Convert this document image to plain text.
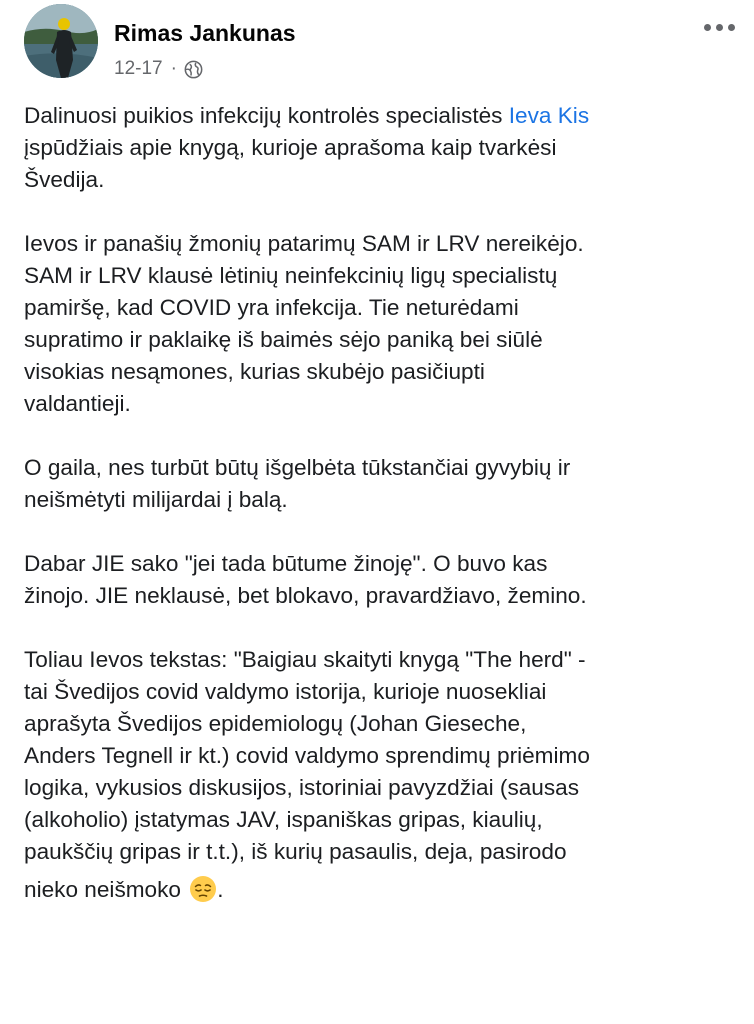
Rimas Jankunas
12-17 ·
Dalinuosi puikios infekcijų kontrolės specialistės Ieva Kis
įspūdžiais apie knygą, kurioje aprašoma kaip tvarkėsi
Švedija.
Ievos ir panašių žmonių patarimų SAM ir LRV nereikėjo.
SAM ir LRV klausė lėtinių neinfekcinių ligų specialistų
pamiršę, kad COVID yra infekcija. Tie neturėdami
supratimo ir paklaikę iš baimės sėjo paniką bei siūlė
visokias nesąmones, kurias skubėjo pasičiupti
valdantieji.
O gaila, nes turbūt būtų išgelbėta tūkstančiai gyvybių ir
neišmėtyti milijardai į balą.
Dabar JIE sako "jei tada būtume žinoję". O buvo kas
žinojo. JIE neklausė, bet blokavo, pravardžiavo, žemino.
Toliau Ievos tekstas: "Baigiau skaityti knygą "The herd" -
tai Švedijos covid valdymo istorija, kurioje nuosekliai
aprašyta Švedijos epidemiologų (Johan Gieseche,
Anders Tegnell ir kt.) covid valdymo sprendimų priėmimo
logika, vykusios diskusijos, istoriniai pavyzdžiai (sausas
(alkoholio) įstatymas JAV, ispaniškas gripas, kiaulių,
paukščių gripas ir t.t.), iš kurių pasaulis, deja, pasirodo
nieko neišmoko .
